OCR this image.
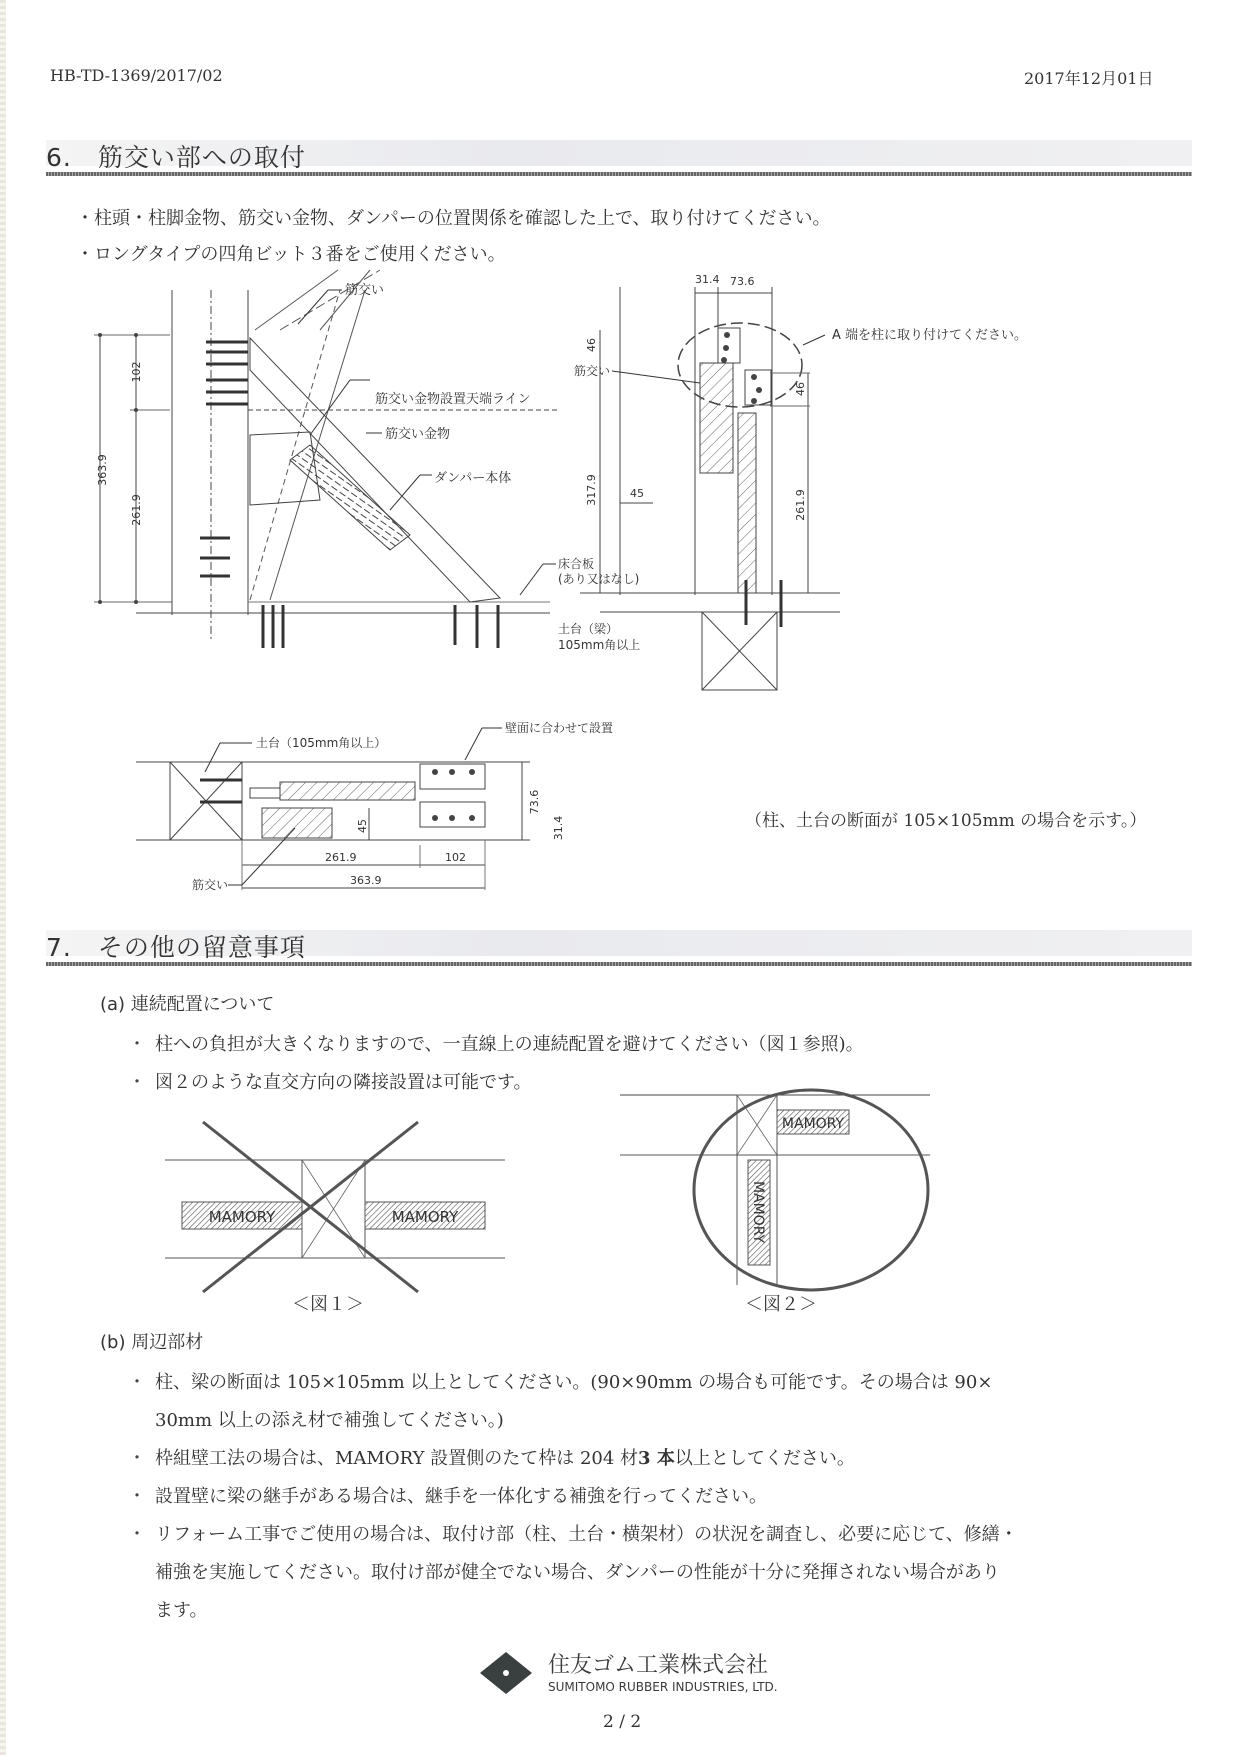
HB-TD-1369/2017/02	2017年12月01日
6.　筋交い部への取付
・柱頭・柱脚金物、筋交い金物、ダンパーの位置関係を確認した上で、取り付けてください。
・ロングタイプの四角ビット３番をご使用ください。
363.9
102
261.9
筋交い
筋交い金物設置天端ライン
筋交い金物
ダンパー本体
床合板
(あり又はなし)
土台（梁）
105mm角以上
31.4 73.6
A 端を柱に取り付けてください。
筋交い
46
317.9	45
46
261.9
73.6
31.4
45
261.9	102
363.9
土台（105mm角以上）
壁面に合わせて設置
筋交い
（柱、土台の断面が 105×105mm の場合を示す。）
7.　その他の留意事項
(a) 連続配置について
・ 柱への負担が大きくなりますので、一直線上の連続配置を避けてください（図１参照)。
・ 図２のような直交方向の隣接設置は可能です。
MAMORY	MAMORY
＜図１＞
MAMORY
MAMORY
＜図２＞
(b) 周辺部材
・ 柱、梁の断面は 105×105mm 以上としてください。(90×90mm の場合も可能です。その場合は 90×
30mm 以上の添え材で補強してください。)
・ 枠組壁工法の場合は、MAMORY 設置側のたて枠は 204 材3 本以上としてください。
・ 設置壁に梁の継手がある場合は、継手を一体化する補強を行ってください。
・ リフォーム工事でご使用の場合は、取付け部（柱、土台・横架材）の状況を調査し、必要に応じて、修繕・
補強を実施してください。取付け部が健全でない場合、ダンパーの性能が十分に発揮されない場合があり
ます。
住友ゴム工業株式会社
SUMITOMO RUBBER INDUSTRIES, LTD.
2 / 2
